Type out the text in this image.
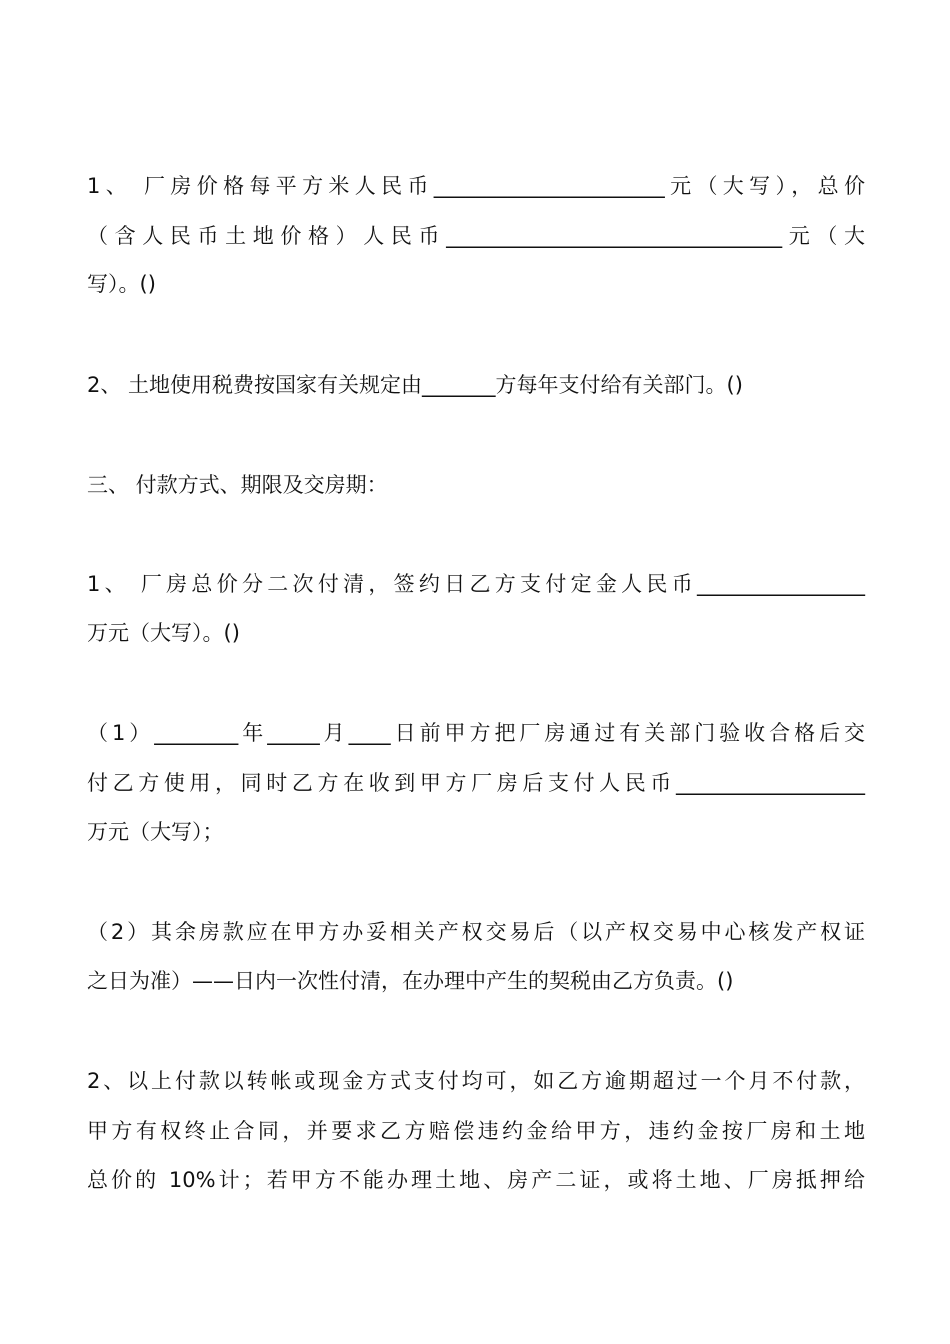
1、 厂房价格每平方米人民币______________________元（大写），总价
（含人民币土地价格）人民币________________________________元（大
写）。()
2、 土地使用税费按国家有关规定由_______方每年支付给有关部门。()
三、 付款方式、期限及交房期：
1、 厂房总价分二次付清，签约日乙方支付定金人民币________________
万元（大写）。()
（1）________年_____月____日前甲方把厂房通过有关部门验收合格后交
付乙方使用，同时乙方在收到甲方厂房后支付人民币__________________
万元（大写）；
（2）其余房款应在甲方办妥相关产权交易后（以产权交易中心核发产权证
之日为准）——日内一次性付清，在办理中产生的契税由乙方负责。()
2、以上付款以转帐或现金方式支付均可，如乙方逾期超过一个月不付款，
甲方有权终止合同，并要求乙方赔偿违约金给甲方，违约金按厂房和土地
总价的 10%计；若甲方不能办理土地、房产二证，或将土地、厂房抵押给
